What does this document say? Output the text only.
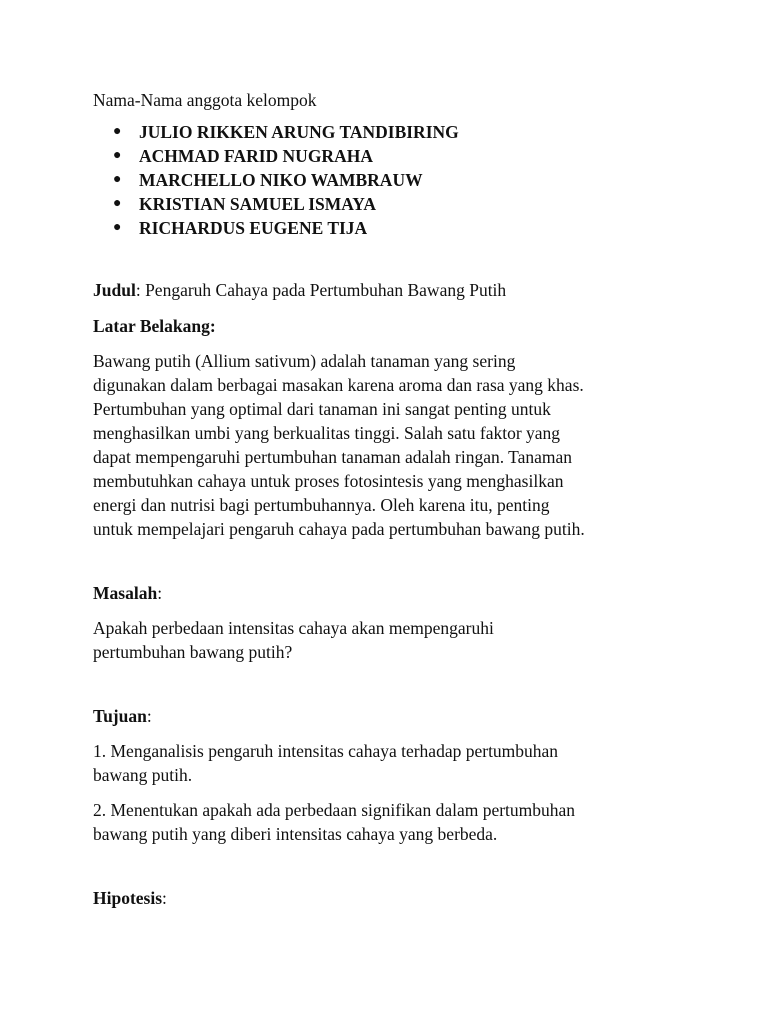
Nama-Nama anggota kelompok

● JULIO RIKKEN ARUNG TANDIBIRING
● ACHMAD FARID NUGRAHA
● MARCHELLO NIKO WAMBRAUW
● KRISTIAN SAMUEL ISMAYA
● RICHARDUS EUGENE TIJA

Judul: Pengaruh Cahaya pada Pertumbuhan Bawang Putih

Latar Belakang:

Bawang putih (Allium sativum) adalah tanaman yang sering

digunakan dalam berbagai masakan karena aroma dan rasa yang khas.

Pertumbuhan yang optimal dari tanaman ini sangat penting untuk

menghasilkan umbi yang berkualitas tinggi. Salah satu faktor yang

dapat mempengaruhi pertumbuhan tanaman adalah ringan. Tanaman

membutuhkan cahaya untuk proses fotosintesis yang menghasilkan

energi dan nutrisi bagi pertumbuhannya. Oleh karena itu, penting

untuk mempelajari pengaruh cahaya pada pertumbuhan bawang putih.

Masalah:

Apakah perbedaan intensitas cahaya akan mempengaruhi

pertumbuhan bawang putih?

Tujuan:

1. Menganalisis pengaruh intensitas cahaya terhadap pertumbuhan

bawang putih.

2. Menentukan apakah ada perbedaan signifikan dalam pertumbuhan

bawang putih yang diberi intensitas cahaya yang berbeda.

Hipotesis:
